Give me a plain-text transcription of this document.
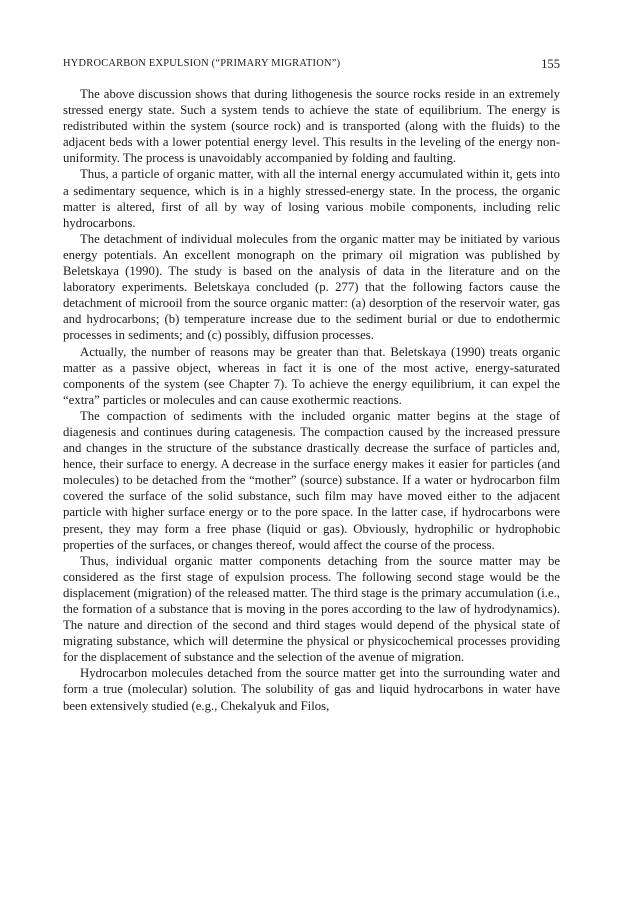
HYDROCARBON EXPULSION (“PRIMARY MIGRATION”)	155

The above discussion shows that during lithogenesis the source rocks reside in an extremely stressed energy state. Such a system tends to achieve the state of equilibrium. The energy is redistributed within the system (source rock) and is transported (along with the fluids) to the adjacent beds with a lower potential energy level. This results in the leveling of the energy non-uniformity. The process is unavoidably accompanied by folding and faulting.

Thus, a particle of organic matter, with all the internal energy accumulated within it, gets into a sedimentary sequence, which is in a highly stressed-energy state. In the process, the organic matter is altered, first of all by way of losing various mobile components, including relic hydrocarbons.

The detachment of individual molecules from the organic matter may be initiated by various energy potentials. An excellent monograph on the primary oil migration was published by Beletskaya (1990). The study is based on the analysis of data in the literature and on the laboratory experiments. Beletskaya concluded (p. 277) that the following factors cause the detachment of microoil from the source organic matter: (a) desorption of the reservoir water, gas and hydrocarbons; (b) temperature increase due to the sediment burial or due to endothermic processes in sediments; and (c) possibly, diffusion processes.

Actually, the number of reasons may be greater than that. Beletskaya (1990) treats organic matter as a passive object, whereas in fact it is one of the most active, energy-saturated components of the system (see Chapter 7). To achieve the energy equilibrium, it can expel the “extra” particles or molecules and can cause exothermic reactions.

The compaction of sediments with the included organic matter begins at the stage of diagenesis and continues during catagenesis. The compaction caused by the increased pressure and changes in the structure of the substance drastically decrease the surface of particles and, hence, their surface to energy. A decrease in the surface energy makes it easier for particles (and molecules) to be detached from the “mother” (source) substance. If a water or hydrocarbon film covered the surface of the solid substance, such film may have moved either to the adjacent particle with higher surface energy or to the pore space. In the latter case, if hydrocarbons were present, they may form a free phase (liquid or gas). Obviously, hydrophilic or hydrophobic properties of the surfaces, or changes thereof, would affect the course of the process.

Thus, individual organic matter components detaching from the source matter may be considered as the first stage of expulsion process. The following second stage would be the displacement (migration) of the released matter. The third stage is the primary accumulation (i.e., the formation of a substance that is moving in the pores according to the law of hydrodynamics). The nature and direction of the second and third stages would depend of the physical state of migrating substance, which will determine the physical or physicochemical processes providing for the displacement of substance and the selection of the avenue of migration.

Hydrocarbon molecules detached from the source matter get into the surrounding water and form a true (molecular) solution. The solubility of gas and liquid hydrocarbons in water have been extensively studied (e.g., Chekalyuk and Filos,
